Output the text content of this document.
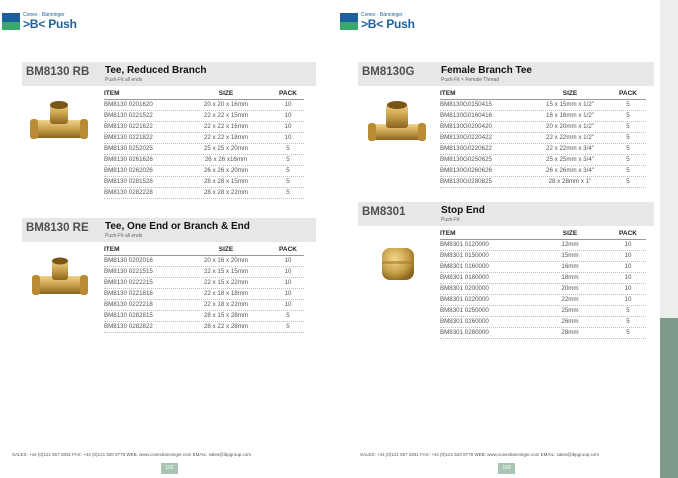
Conex · Bänninger
>B< Push
BM8130 RB Tee, Reduced Branch
Push-Fit all ends
ITEM	SIZE	PACK
BM8130 0201620	20 x 20 x 16mm	10
BM8130 0221522	22 x 22 x 15mm	10
BM8130 0221622	22 x 22 x 16mm	10
BM8130 0221822	22 x 22 x 18mm	10
BM8130 0252025	25 x 25 x 20mm	5
BM8130 0261626	26 x 26 x16mm	5
BM8130 0262026	26 x 26 x 20mm	5
BM8130 0281528	28 x 28 x 15mm	5
BM8130 0282228	28 x 28 x 22mm	5
BM8130 RE Tee, One End or Branch & End
Push-Fit all ends
ITEM	SIZE	PACK
BM8130 0202016	20 x 16 x 20mm	10
BM8130 0221515	22 x 15 x 15mm	10
BM8130 0222215	22 x 15 x 22mm	10
BM8130 0221818	22 x 18 x 18mm	10
BM8130 0222218	22 x 18 x 22mm	10
BM8130 0282815	28 x 15 x 28mm	5
BM8130 0282822	28 x 22 x 28mm	5
SALES: +44 (0)121 557 2831 FAX: +44 (0)121 520 8778 WEB: www.conexbanninger.com EMAIL: sales@ibpgroup.com
102
Conex · Bänninger
>B< Push
BM8130G	Female Branch Tee
Push-Fit × Female Thread
ITEM	SIZE	PACK
BM8130G0150415	15 x 15mm x 1/2"	5
BM8130G0160416	16 x 16mm x 1/2"	5
BM8130G0200420	20 x 20mm x 1/2"	5
BM8130G0220422	22 x 22mm x 1/2"	5
BM8130G0220622	22 x 22mm x 3/4"	5
BM8130G0250625	25 x 25mm x 3/4"	5
BM8130G0260626	26 x 26mm x 3/4"	5
BM8130G0280825	28 x 28mm x 1"	5
BM8301	Stop End
Push-Fit
ITEM	SIZE	PACK
BM8301 0120000	12mm	10
BM8301 0150000	15mm	10
BM8301 0160000	16mm	10
BM8301 0180000	18mm	10
BM8301 0200000	20mm	10
BM8301 0220000	22mm	10
BM8301 0250000	25mm	5
BM8301 0260000	26mm	5
BM8301 0280000	28mm	5
SALES: +44 (0)121 557 2831 FAX: +44 (0)121 520 8778 WEB: www.conexbanninger.com EMAIL: sales@ibpgroup.com
103
